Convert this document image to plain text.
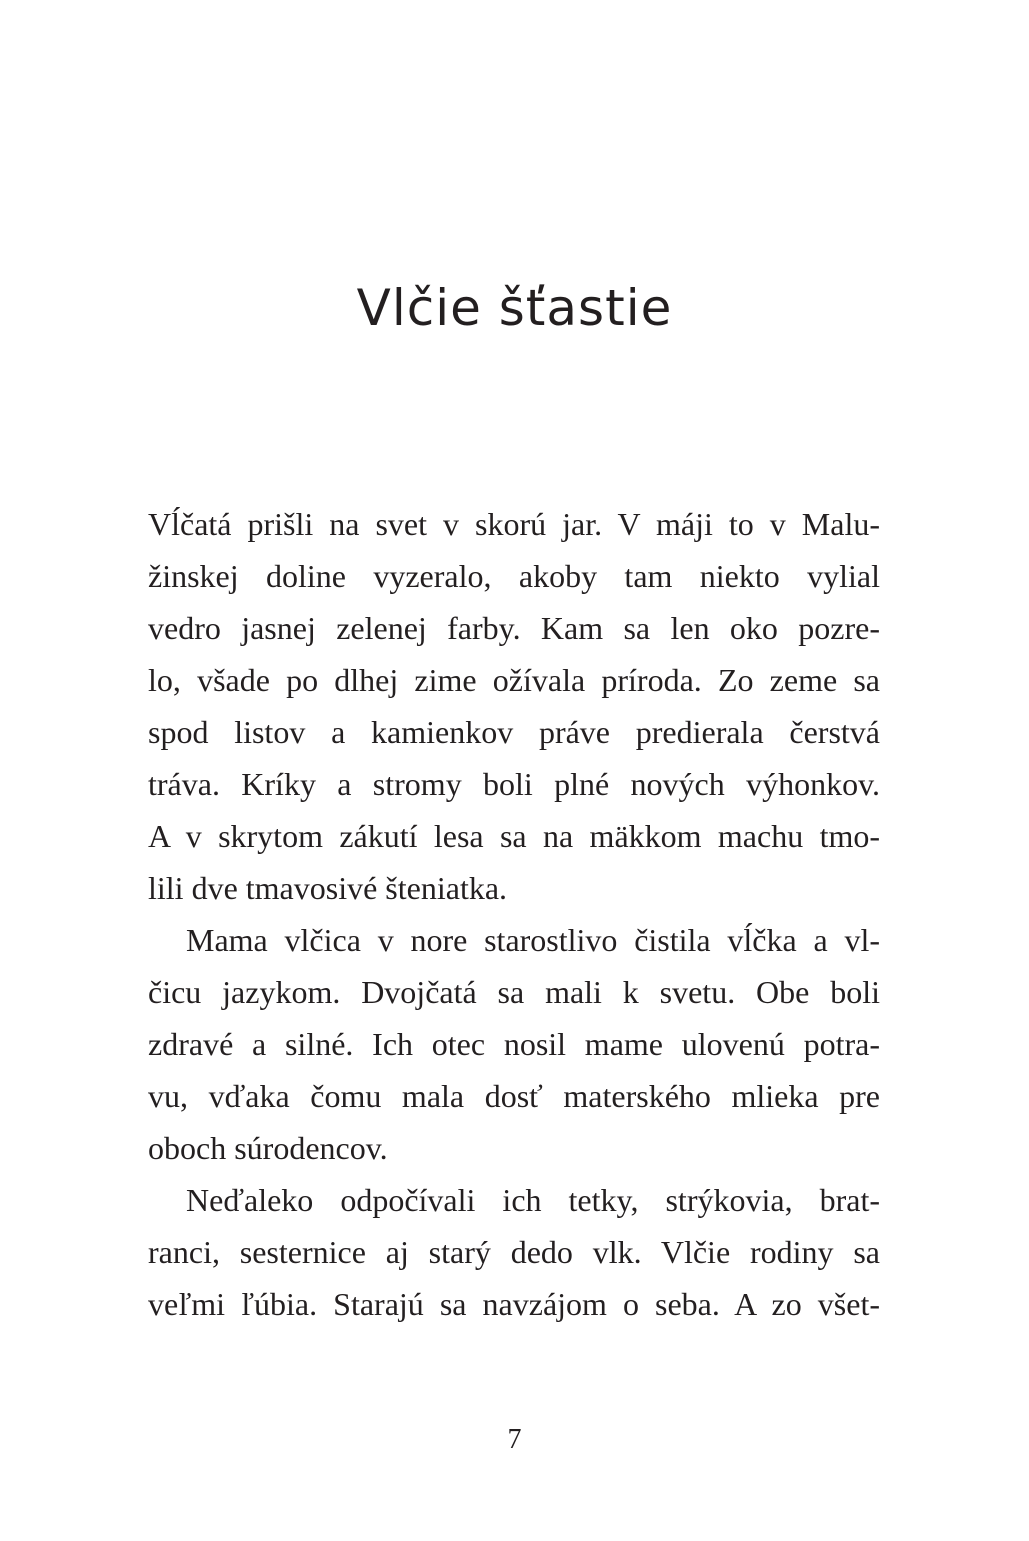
Vlčie šťastie
Vĺčatá prišli na svet v skorú jar. V máji to v Malu-
žinskej doline vyzeralo, akoby tam niekto vylial
vedro jasnej zelenej farby. Kam sa len oko pozre-
lo, všade po dlhej zime ožívala príroda. Zo zeme sa
spod listov a kamienkov práve predierala čerstvá
tráva. Kríky a stromy boli plné nových výhonkov.
A v skrytom zákutí lesa sa na mäkkom machu tmo-
lili dve tmavosivé šteniatka.
Mama vlčica v nore starostlivo čistila vĺčka a vl-
čicu jazykom. Dvojčatá sa mali k svetu. Obe boli
zdravé a silné. Ich otec nosil mame ulovenú potra-
vu, vďaka čomu mala dosť materského mlieka pre
oboch súrodencov.
Neďaleko odpočívali ich tetky, strýkovia, brat-
ranci, sesternice aj starý dedo vlk. Vlčie rodiny sa
veľmi ľúbia. Starajú sa navzájom o seba. A zo všet-
7
